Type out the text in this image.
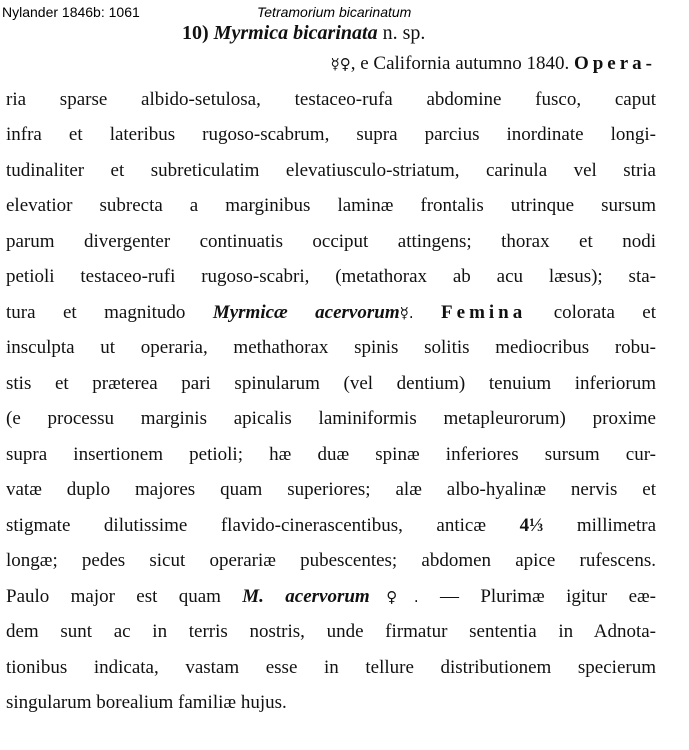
Nylander 1846b: 1061	Tetramorium bicarinatum
10) Myrmica bicarinata n. sp.
☿♀, e California autumno 1840. Opera-
ria sparse albido-setulosa, testaceo-rufa abdomine fusco, caput
infra et lateribus rugoso-scabrum, supra parcius inordinate longi-
tudinaliter et subreticulatim elevatiusculo-striatum, carinula vel stria
elevatior subrecta a marginibus laminæ frontalis utrinque sursum
parum divergenter continuatis occiput attingens; thorax et nodi
petioli testaceo-rufi rugoso-scabri, (metathorax ab acu læsus); sta-
tura et magnitudo Myrmicæ acervorum☿. Femina colorata et
insculpta ut operaria, methathorax spinis solitis mediocribus robu-
stis et præterea pari spinularum (vel dentium) tenuium inferiorum
(e processu marginis apicalis laminiformis metapleurorum) proxime
supra insertionem petioli; hæ duæ spinæ inferiores sursum cur-
vatæ duplo majores quam superiores; alæ albo-hyalinæ nervis et
stigmate dilutissime flavido-cinerascentibus, anticæ 4⅓ millimetra
longæ; pedes sicut operariæ pubescentes; abdomen apice rufescens.
Paulo major est quam M. acervorum♀. — Plurimæ igitur eæ-
dem sunt ac in terris nostris, unde firmatur sententia in Adnota-
tionibus indicata, vastam esse in tellure distributionem specierum
singularum borealium familiæ hujus.
